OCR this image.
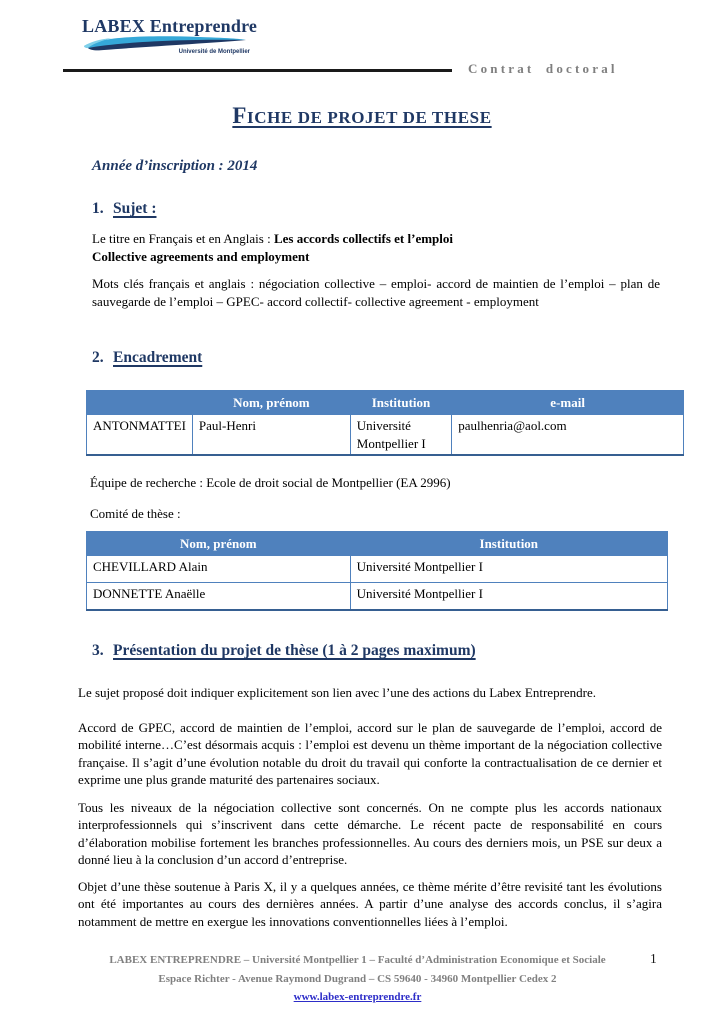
LABEX Entreprendre
Université de Montpellier
Contrat doctoral
FICHE DE PROJET DE THESE

Année d’inscription : 2014

1. Sujet :

Le titre en Français et en Anglais : Les accords collectifs et l’emploi
Collective agreements and employment

Mots clés français et anglais : négociation collective – emploi- accord de maintien de l’emploi – plan de sauvegarde de l’emploi – GPEC- accord collectif- collective agreement - employment

2. Encadrement
	Nom, prénom	Institution	e-mail
ANTONMATTEI	Paul-Henri	Université Montpellier I	paulhenria@aol.com

Équipe de recherche : Ecole de droit social de Montpellier (EA 2996)

Comité de thèse :

Nom, prénom	Institution
CHEVILLARD Alain	Université Montpellier I
DONNETTE Anaëlle	Université Montpellier I
3. Présentation du projet de thèse (1 à 2 pages maximum)

Le sujet proposé doit indiquer explicitement son lien avec l’une des actions du Labex Entreprendre.

Accord de GPEC, accord de maintien de l’emploi, accord sur le plan de sauvegarde de l’emploi, accord de mobilité interne…C’est désormais acquis : l’emploi est devenu un thème important de la négociation collective française. Il s’agit d’une évolution notable du droit du travail qui conforte la contractualisation de ce dernier et exprime une plus grande maturité des partenaires sociaux.

Tous les niveaux de la négociation collective sont concernés. On ne compte plus les accords nationaux interprofessionnels qui s’inscrivent dans cette démarche. Le récent pacte de responsabilité en cours d’élaboration mobilise fortement les branches professionnelles. Au cours des derniers mois, un PSE sur deux a donné lieu à la conclusion d’un accord d’entreprise.

Objet d’une thèse soutenue à Paris X, il y a quelques années, ce thème mérite d’être revisité tant les évolutions ont été importantes au cours des dernières années. A partir d’une analyse des accords conclus, il s’agira notamment de mettre en exergue les innovations conventionnelles liées à l’emploi.

LABEX ENTREPRENDRE – Université Montpellier 1 – Faculté d’Administration Economique et Sociale
Espace Richter - Avenue Raymond Dugrand – CS 59640 - 34960 Montpellier Cedex 2
www.labex-entreprendre.fr
1
